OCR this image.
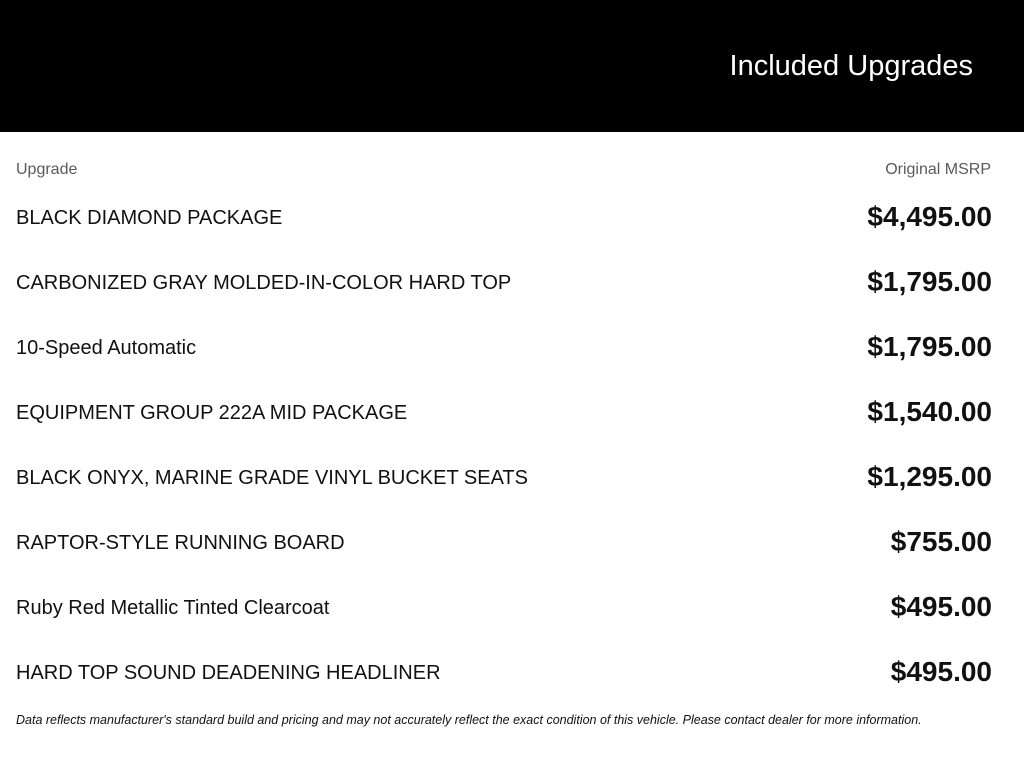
Included Upgrades
Upgrade	Original MSRP
BLACK DIAMOND PACKAGE	$4,495.00
CARBONIZED GRAY MOLDED-IN-COLOR HARD TOP	$1,795.00
10-Speed Automatic	$1,795.00
EQUIPMENT GROUP 222A MID PACKAGE	$1,540.00
BLACK ONYX, MARINE GRADE VINYL BUCKET SEATS	$1,295.00
RAPTOR-STYLE RUNNING BOARD	$755.00
Ruby Red Metallic Tinted Clearcoat	$495.00
HARD TOP SOUND DEADENING HEADLINER	$495.00
Data reflects manufacturer's standard build and pricing and may not accurately reflect the exact condition of this vehicle. Please contact dealer for more information.
